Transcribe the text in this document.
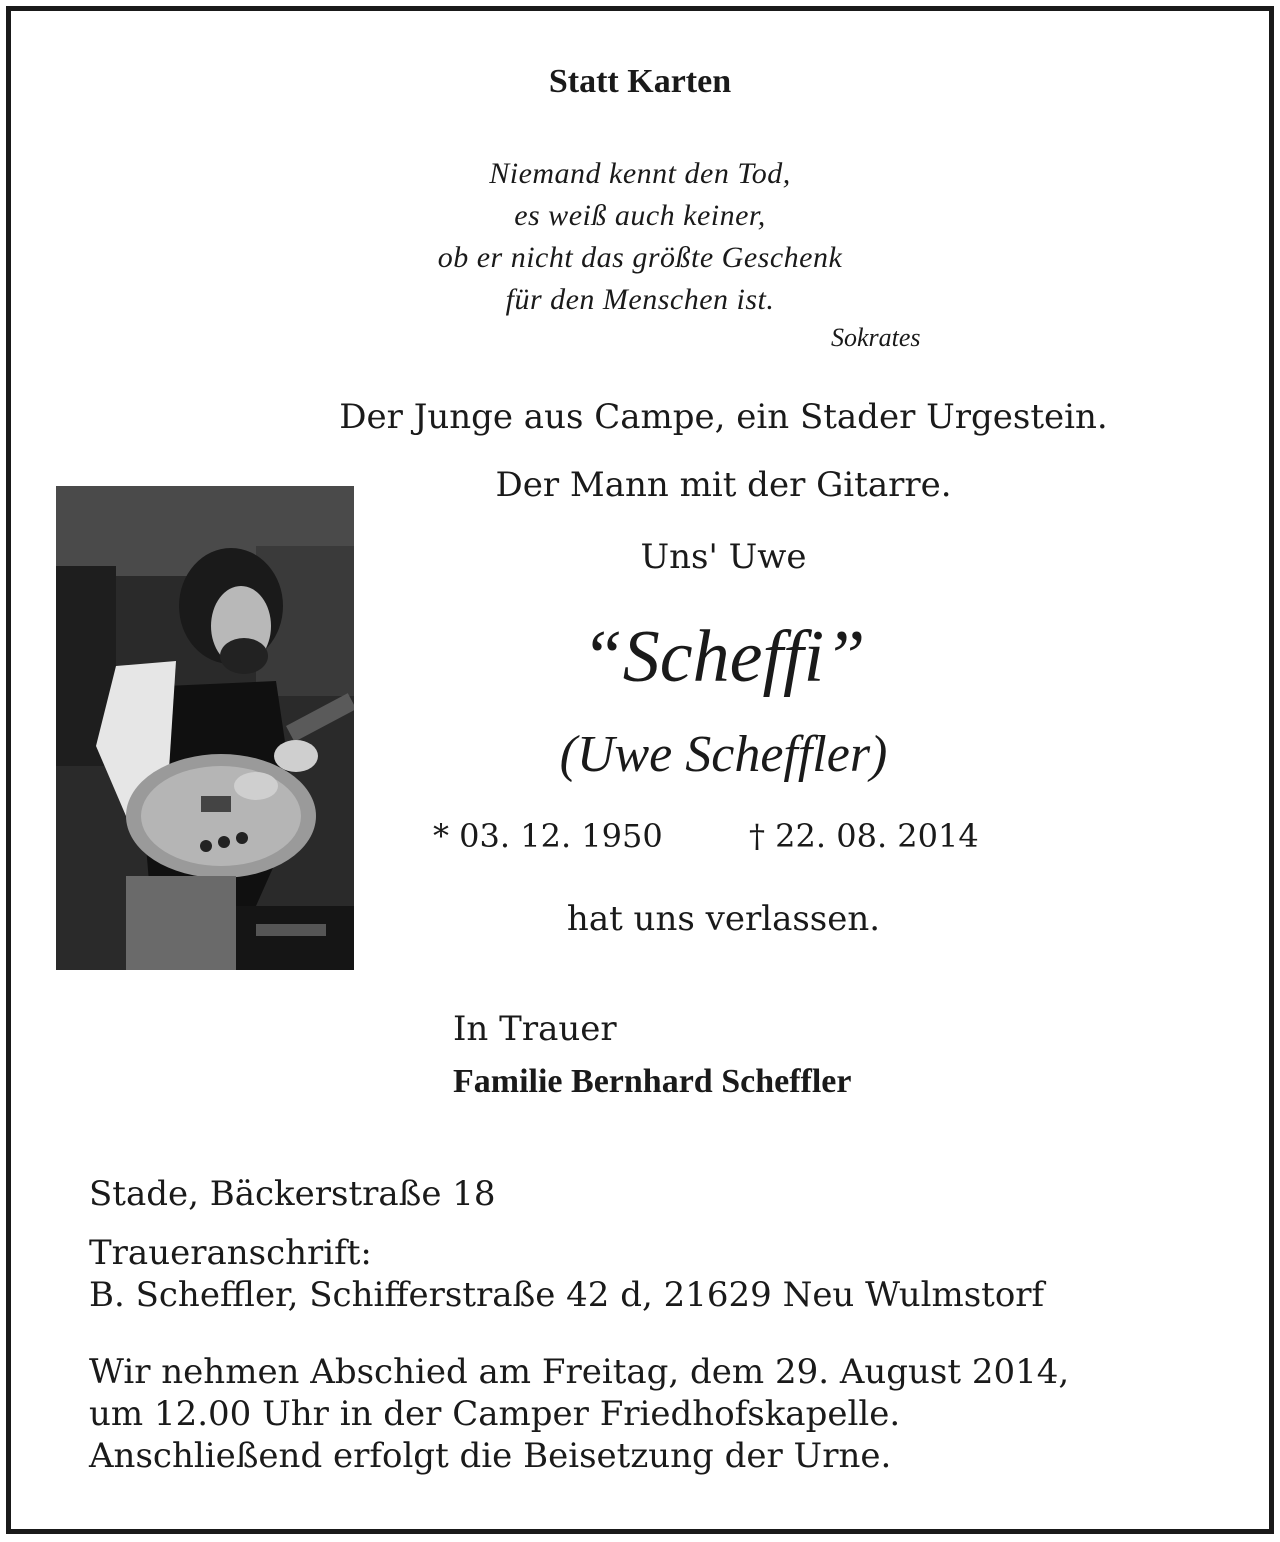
Statt Karten
Niemand kennt den Tod,
es weiß auch keiner,
ob er nicht das größte Geschenk
für den Menschen ist.
Sokrates
Der Junge aus Campe, ein Stader Urgestein.
Der Mann mit der Gitarre.
Uns' Uwe
“Scheffi”
(Uwe Scheffler)
* 03. 12. 1950	† 22. 08. 2014
hat uns verlassen.
In Trauer
Familie Bernhard Scheffler
Stade, Bäckerstraße 18
Traueranschrift:
B. Scheffler, Schifferstraße 42 d, 21629 Neu Wulmstorf
Wir nehmen Abschied am Freitag, dem 29. August 2014,
um 12.00 Uhr in der Camper Friedhofskapelle.
Anschließend erfolgt die Beisetzung der Urne.
